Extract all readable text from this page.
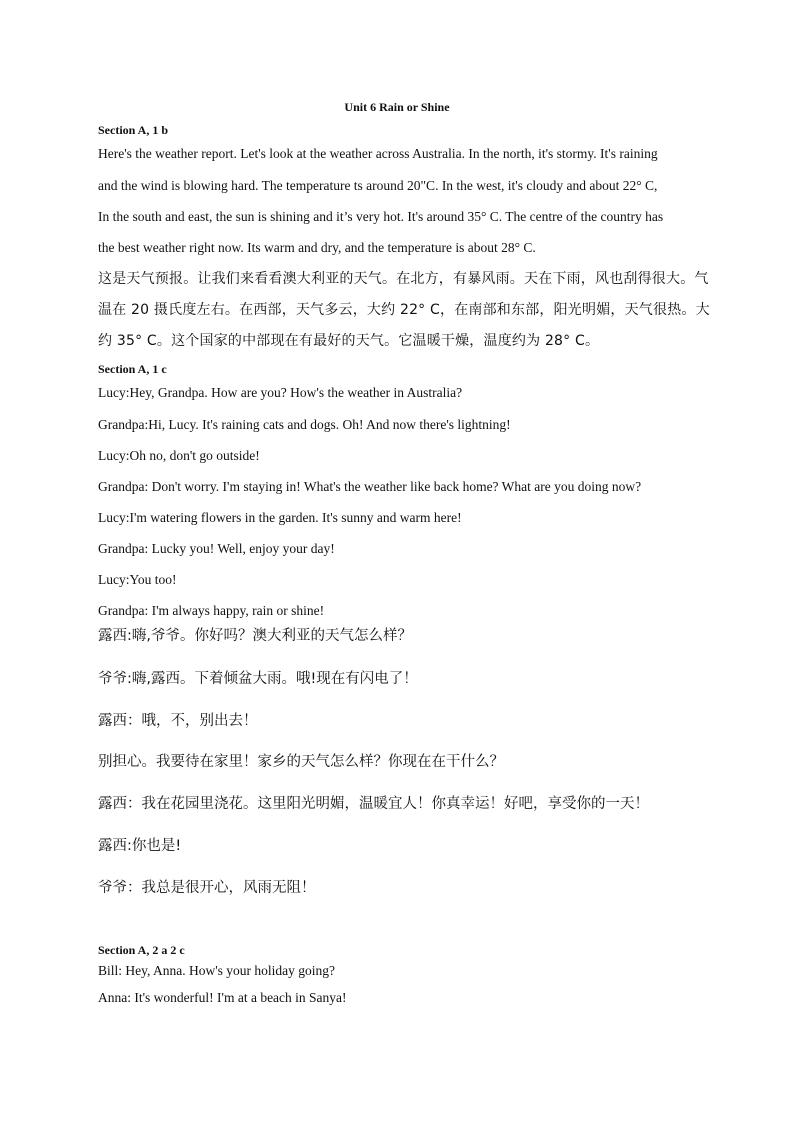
Unit 6 Rain or Shine
Section A, 1 b
Here's the weather report. Let's look at the weather across Australia. In the north, it's stormy. It's raining
and the wind is blowing hard. The temperature ts around 20"C. In the west, it's cloudy and about 22° C,
In the south and east, the sun is shining and it’s very hot. It's around 35° C. The centre of the country has
the best weather right now. Its warm and dry, and the temperature is about 28° C.
这是天气预报。让我们来看看澳大利亚的天气。在北方，有暴风雨。天在下雨，风也刮得很大。气
温在 20 摄氏度左右。在西部，天气多云，大约 22° C，在南部和东部，阳光明媚，天气很热。大
约 35° C。这个国家的中部现在有最好的天气。它温暖干燥，温度约为 28° C。
Section A, 1 c
Lucy:Hey, Grandpa. How are you? How's the weather in Australia?
Grandpa:Hi, Lucy. It's raining cats and dogs. Oh! And now there's lightning!
Lucy:Oh no, don't go outside!
Grandpa: Don't worry. I'm staying in! What's the weather like back home? What are you doing now?
Lucy:I'm watering flowers in the garden. It's sunny and warm here!
Grandpa: Lucky you! Well, enjoy your day!
Lucy:You too!
Grandpa: I'm always happy, rain or shine!
露西:嗨,爷爷。你好吗？澳大利亚的天气怎么样？
爷爷:嗨,露西。下着倾盆大雨。哦!现在有闪电了！
露西：哦，不，别出去！
别担心。我要待在家里！家乡的天气怎么样？你现在在干什么？
露西：我在花园里浇花。这里阳光明媚，温暖宜人！你真幸运！好吧，享受你的一天！
露西:你也是!
爷爷：我总是很开心，风雨无阻！
Section A, 2 a 2 c
Bill: Hey, Anna. How's your holiday going?
Anna: It's wonderful! I'm at a beach in Sanya!
